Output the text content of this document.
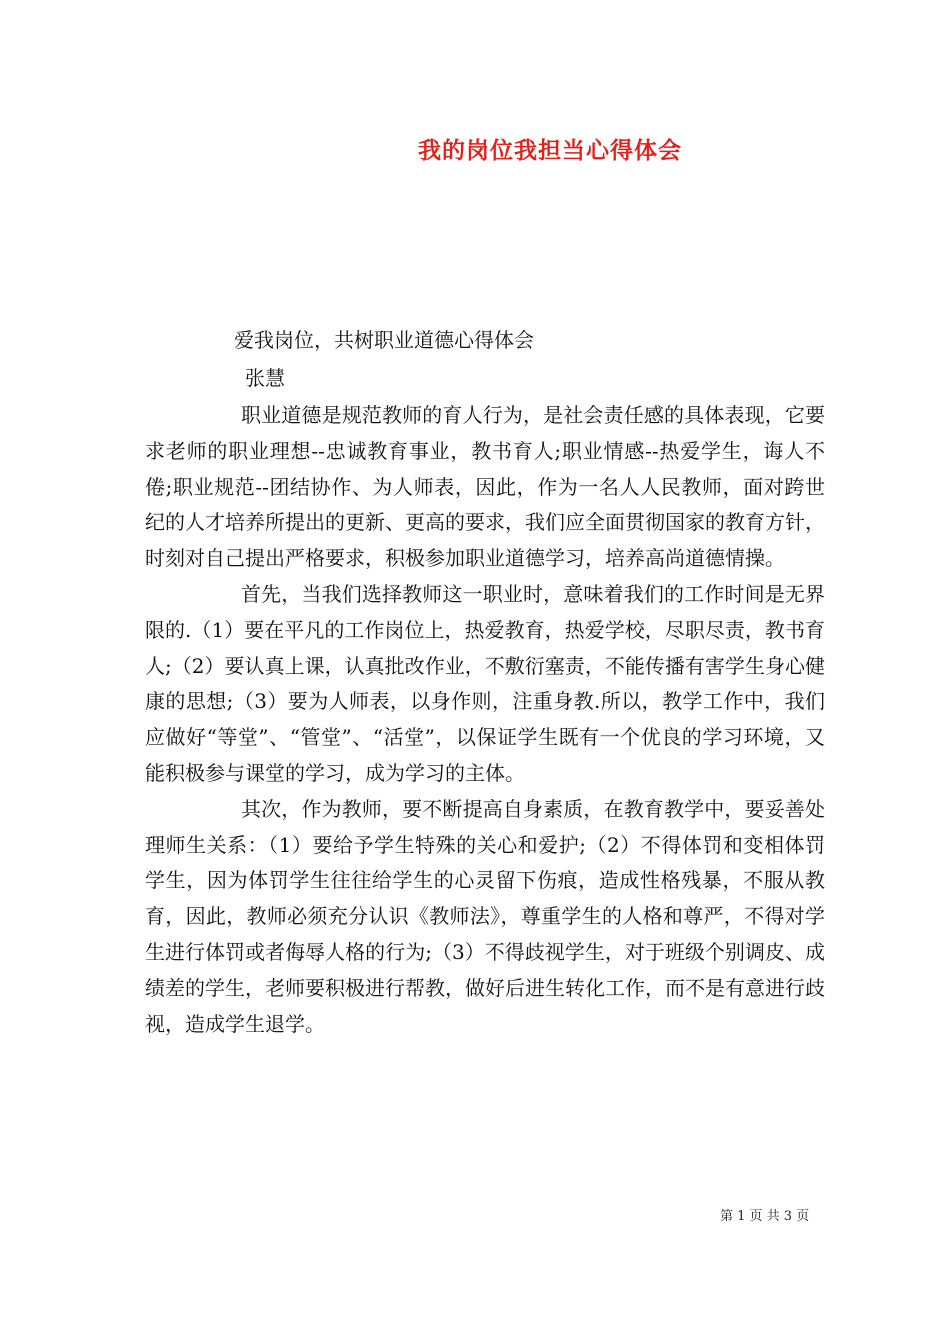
我的岗位我担当心得体会
爱我岗位，共树职业道德心得体会
张慧

职业道德是规范教师的育人行为，是社会责任感的具体表现，它要求老师的职业理想--忠诚教育事业，教书育人;职业情感--热爱学生，诲人不倦;职业规范--团结协作、为人师表，因此，作为一名人人民教师，面对跨世纪的人才培养所提出的更新、更高的要求，我们应全面贯彻国家的教育方针，时刻对自己提出严格要求，积极参加职业道德学习，培养高尚道德情操。

首先，当我们选择教师这一职业时，意味着我们的工作时间是无界限的.（1）要在平凡的工作岗位上，热爱教育，热爱学校，尽职尽责，教书育人;（2）要认真上课，认真批改作业，不敷衍塞责，不能传播有害学生身心健康的思想;（3）要为人师表，以身作则，注重身教.所以，教学工作中，我们应做好“等堂”、“管堂”、“活堂”，以保证学生既有一个优良的学习环境，又能积极参与课堂的学习，成为学习的主体。

其次，作为教师，要不断提高自身素质，在教育教学中，要妥善处理师生关系：（1）要给予学生特殊的关心和爱护;（2）不得体罚和变相体罚学生，因为体罚学生往往给学生的心灵留下伤痕，造成性格残暴，不服从教育，因此，教师必须充分认识《教师法》，尊重学生的人格和尊严，不得对学生进行体罚或者侮辱人格的行为;（3）不得歧视学生，对于班级个别调皮、成绩差的学生，老师要积极进行帮教，做好后进生转化工作，而不是有意进行歧视，造成学生退学。

第 1 页 共 3 页
